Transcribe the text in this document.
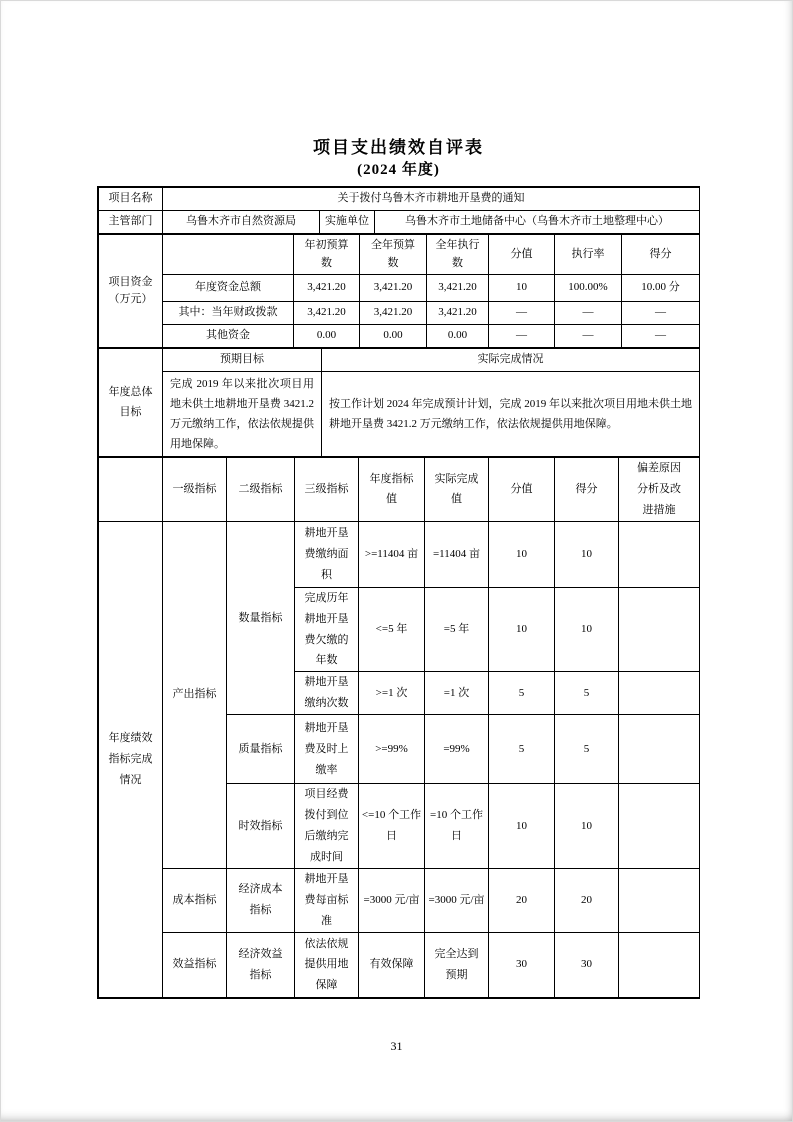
项目支出绩效自评表
(2024 年度)
项目名称	关于拨付乌鲁木齐市耕地开垦费的通知		
主管部门	乌鲁木齐市自然资源局	实施单位	乌鲁木齐市土地储备中心（乌鲁木齐市土地整理中心）
项目资金（万元）		年初预算数	全年预算数	全年执行数	分值	执行率	得分
	年度资金总额	3,421.20	3,421.20	3,421.20	10	100.00%	10.00 分
	其中：当年财政拨款	3,421.20	3,421.20	3,421.20	—	—	—
	其他资金	0.00	0.00	0.00	—	—	—
年度总体目标	预期目标	实际完成情况
	完成 2019 年以来批次项目用地未供土地耕地开垦费 3421.2 万元缴纳工作，依法依规提供用地保障。	按工作计划 2024 年完成预计计划，完成 2019 年以来批次项目用地未供土地耕地开垦费 3421.2 万元缴纳工作，依法依规提供用地保障。
	一级指标	二级指标	三级指标	年度指标值	实际完成值	分值	得分	偏差原因分析及改进措施
年度绩效指标完成情况	产出指标	数量指标	耕地开垦费缴纳面积	>=11404 亩	=11404 亩	10	10	
			完成历年耕地开垦费欠缴的年数	<=5 年	=5 年	10	10	
			耕地开垦缴纳次数	>=1 次	=1 次	5	5	
		质量指标	耕地开垦费及时上缴率	>=99%	=99%	5	5	
		时效指标	项目经费拨付到位后缴纳完成时间	<=10 个工作日	=10 个工作日	10	10	
	成本指标	经济成本指标	耕地开垦费每亩标准	=3000 元/亩	=3000 元/亩	20	20	
	效益指标	经济效益指标	依法依规提供用地保障	有效保障	完全达到预期	30	30	
31
